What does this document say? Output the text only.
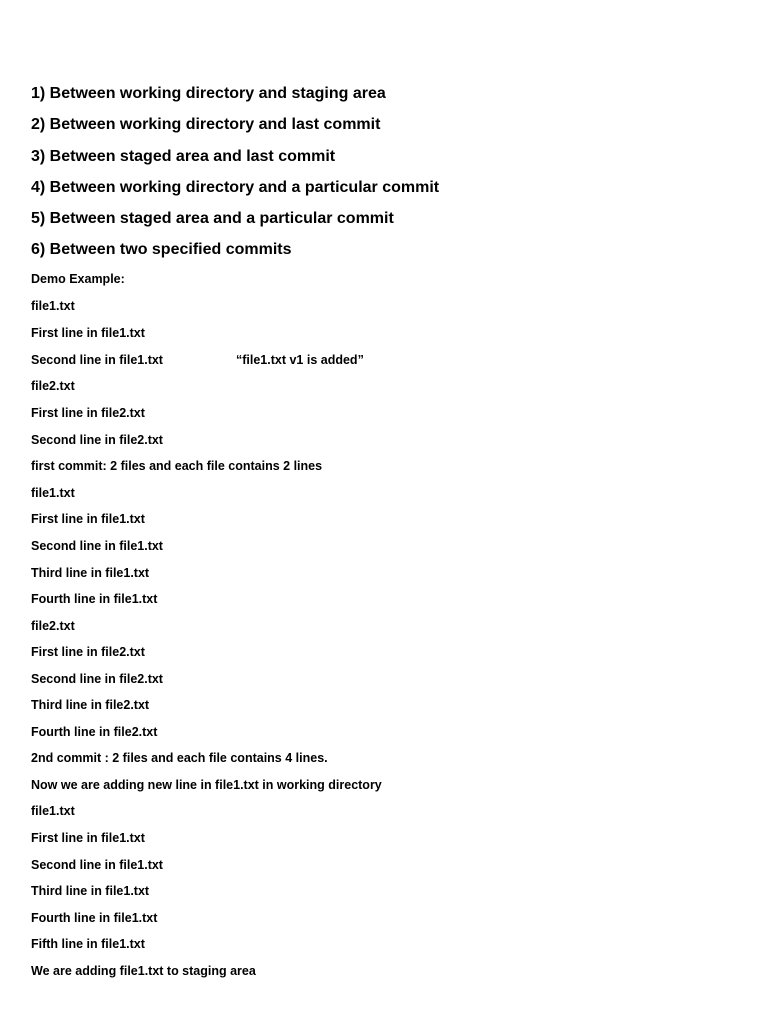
1) Between working directory and staging area
2) Between working directory and last commit
3) Between staged area and last commit
4) Between working directory and a particular commit
5) Between staged area and a particular commit
6) Between two specified commits
Demo Example:
file1.txt
First line in file1.txt
Second line in file1.txt	“file1.txt v1 is added”
file2.txt
First line in file2.txt
Second line in file2.txt
first commit: 2 files and each file contains 2 lines
file1.txt
First line in file1.txt
Second line in file1.txt
Third line in file1.txt
Fourth line in file1.txt
file2.txt
First line in file2.txt
Second line in file2.txt
Third line in file2.txt
Fourth line in file2.txt
2nd commit : 2 files and each file contains 4 lines.
Now we are adding new line in file1.txt in working directory
file1.txt
First line in file1.txt
Second line in file1.txt
Third line in file1.txt
Fourth line in file1.txt
Fifth line in file1.txt
We are adding file1.txt to staging area
